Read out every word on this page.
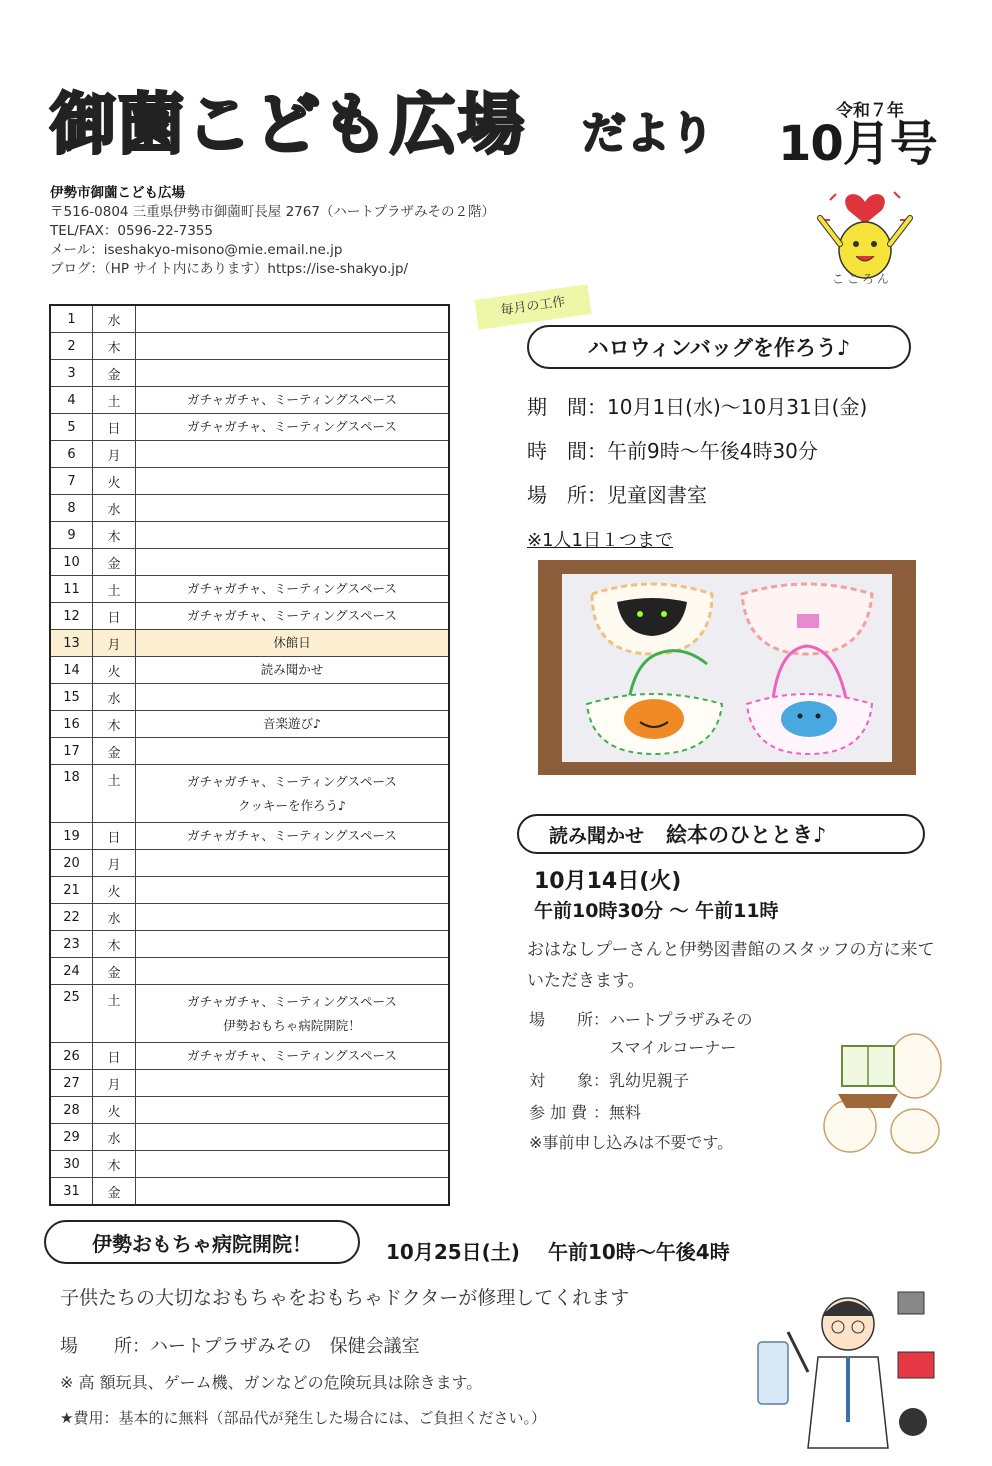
御薗こども広場 だより	令和７年
10月号
伊勢市御薗こども広場
〒516-0804 三重県伊勢市御薗町長屋 2767（ハートプラザみその２階）
TEL/FAX：0596-22-7355
メール：iseshakyo-misono@mie.email.ne.jp
ブログ：（HP サイト内にあります）https://ise-shakyo.jp/
こころん
1	水	
2	木	
3	金	
4	土	ガチャガチャ、ミーティングスペース

5	日	ガチャガチャ、ミーティングスペース

6	月	
7	火	
8	水	
9	木	
10	金	
11	土	ガチャガチャ、ミーティングスペース

12	日	ガチャガチャ、ミーティングスペース

13	月	休館日

14	火	読み聞かせ

15	水	
16	木	音楽遊び♪

17	金	
18	土	ガチャガチャ、ミーティングスペース
クッキーを作ろう♪

19	日	ガチャガチャ、ミーティングスペース

20	月	
21	火	
22	水	
23	木	
24	金	
25	土	ガチャガチャ、ミーティングスペース
伊勢おもちゃ病院開院！

26	日	ガチャガチャ、ミーティングスペース

27	月	
28	火	
29	水	
30	木	
31	金	
毎月の工作
ハロウィンバッグを作ろう♪
期　間：10月1日(水)～10月31日(金)
時　間：午前9時～午後4時30分
場　所：児童図書室
※1人1日１つまで
読み聞かせ 絵本のひととき♪
10月14日(火)
午前10時30分 ～ 午前11時
おはなしプーさんと伊勢図書館のスタッフの方に来ていただきます。
場　　所：ハートプラザみその
　スマイルコーナー
対　　象：乳幼児親子
参 加 費 ：無料
※事前申し込みは不要です。
伊勢おもちゃ病院開院！	10月25日(土) 午前10時～午後4時
子供たちの大切なおもちゃをおもちゃドクターが修理してくれます
場　　所：ハートプラザみその　保健会議室
※ 高 額玩具、ゲーム機、ガンなどの危険玩具は除きます。
★費用：基本的に無料（部品代が発生した場合には、ご負担ください。）
